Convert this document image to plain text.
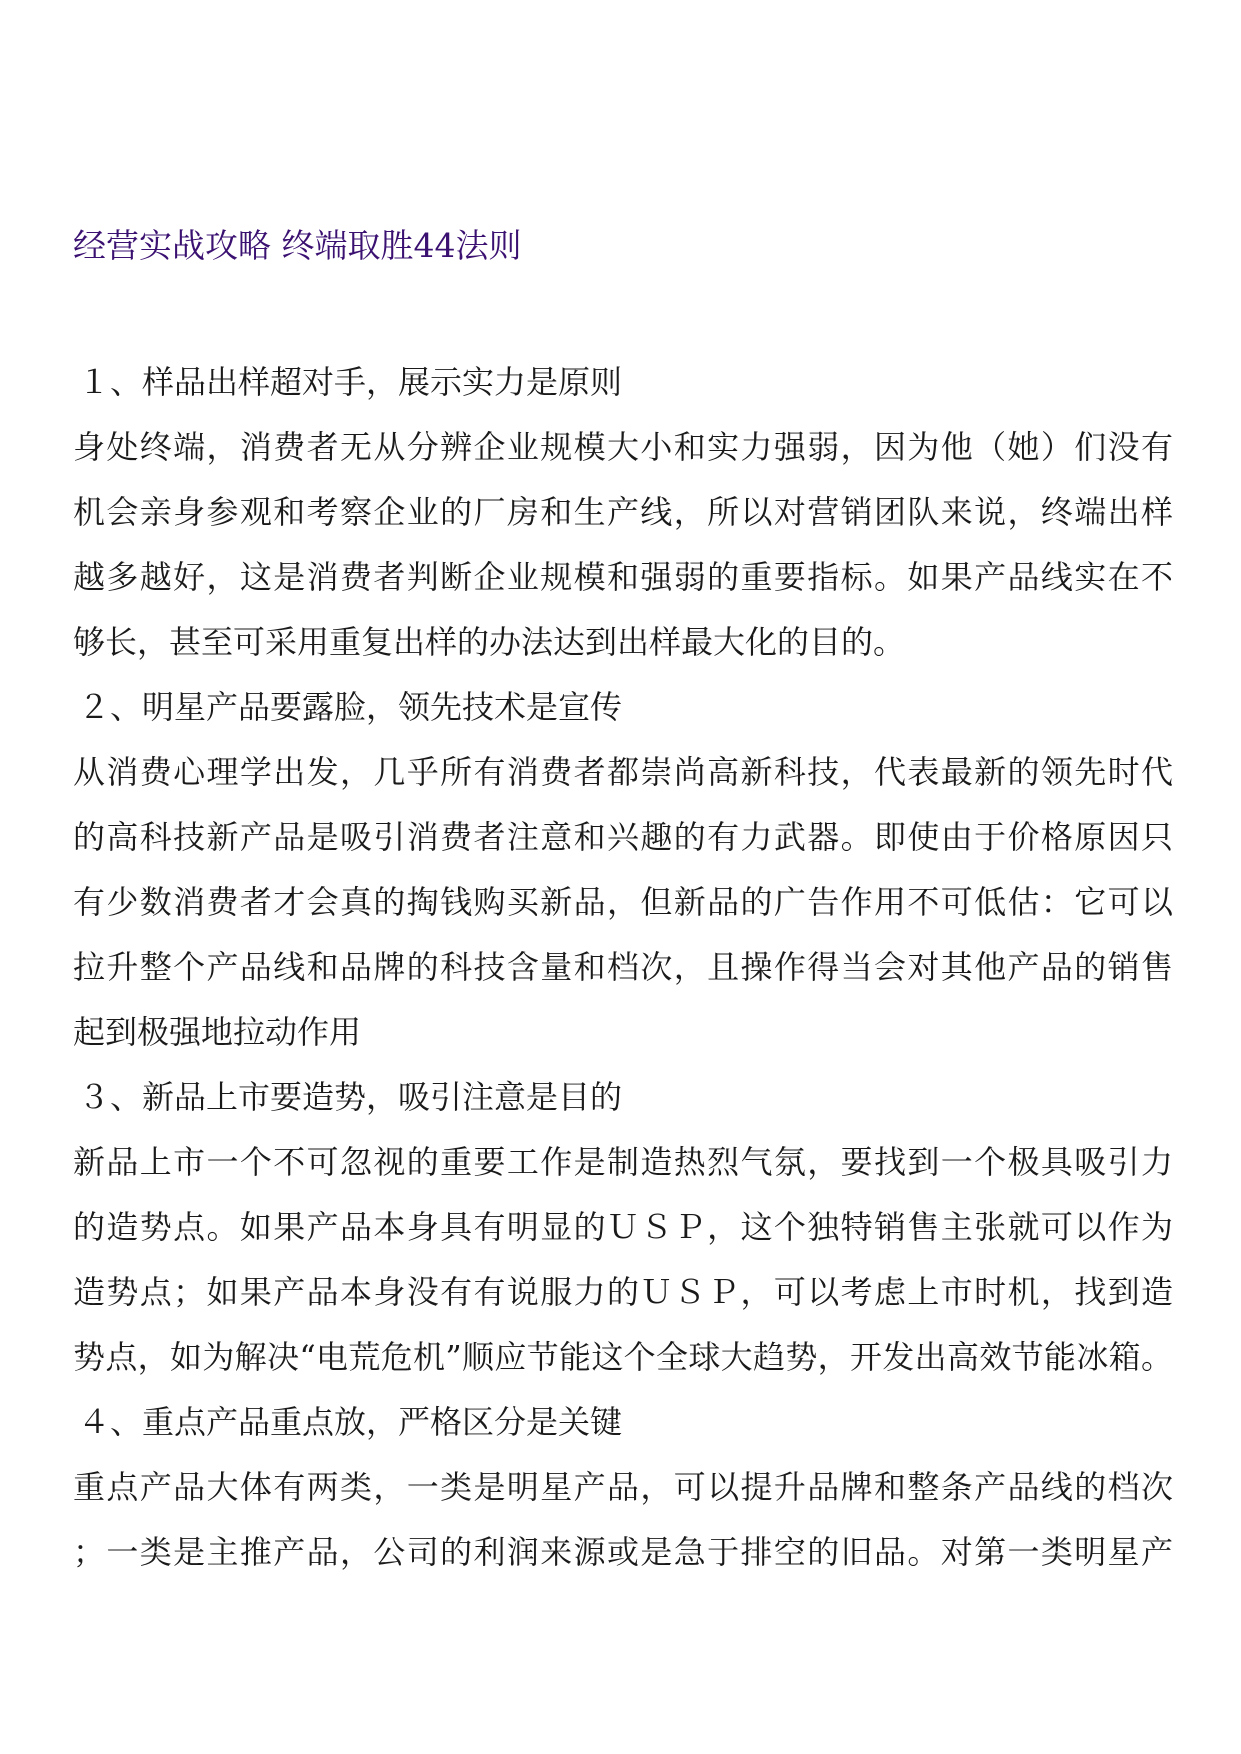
经营实战攻略 终端取胜44法则
１、样品出样超对手，展示实力是原则
身处终端，消费者无从分辨企业规模大小和实力强弱，因为他（她）们没有
机会亲身参观和考察企业的厂房和生产线，所以对营销团队来说，终端出样
越多越好，这是消费者判断企业规模和强弱的重要指标。如果产品线实在不
够长，甚至可采用重复出样的办法达到出样最大化的目的。
２、明星产品要露脸，领先技术是宣传
从消费心理学出发，几乎所有消费者都崇尚高新科技，代表最新的领先时代
的高科技新产品是吸引消费者注意和兴趣的有力武器。即使由于价格原因只
有少数消费者才会真的掏钱购买新品，但新品的广告作用不可低估：它可以
拉升整个产品线和品牌的科技含量和档次，且操作得当会对其他产品的销售
起到极强地拉动作用
３、新品上市要造势，吸引注意是目的
新品上市一个不可忽视的重要工作是制造热烈气氛，要找到一个极具吸引力
的造势点。如果产品本身具有明显的ＵＳＰ，这个独特销售主张就可以作为
造势点；如果产品本身没有有说服力的ＵＳＰ，可以考虑上市时机，找到造
势点，如为解决“电荒危机”顺应节能这个全球大趋势，开发出高效节能冰箱。
４、重点产品重点放，严格区分是关键
重点产品大体有两类，一类是明星产品，可以提升品牌和整条产品线的档次
；一类是主推产品，公司的利润来源或是急于排空的旧品。对第一类明星产
